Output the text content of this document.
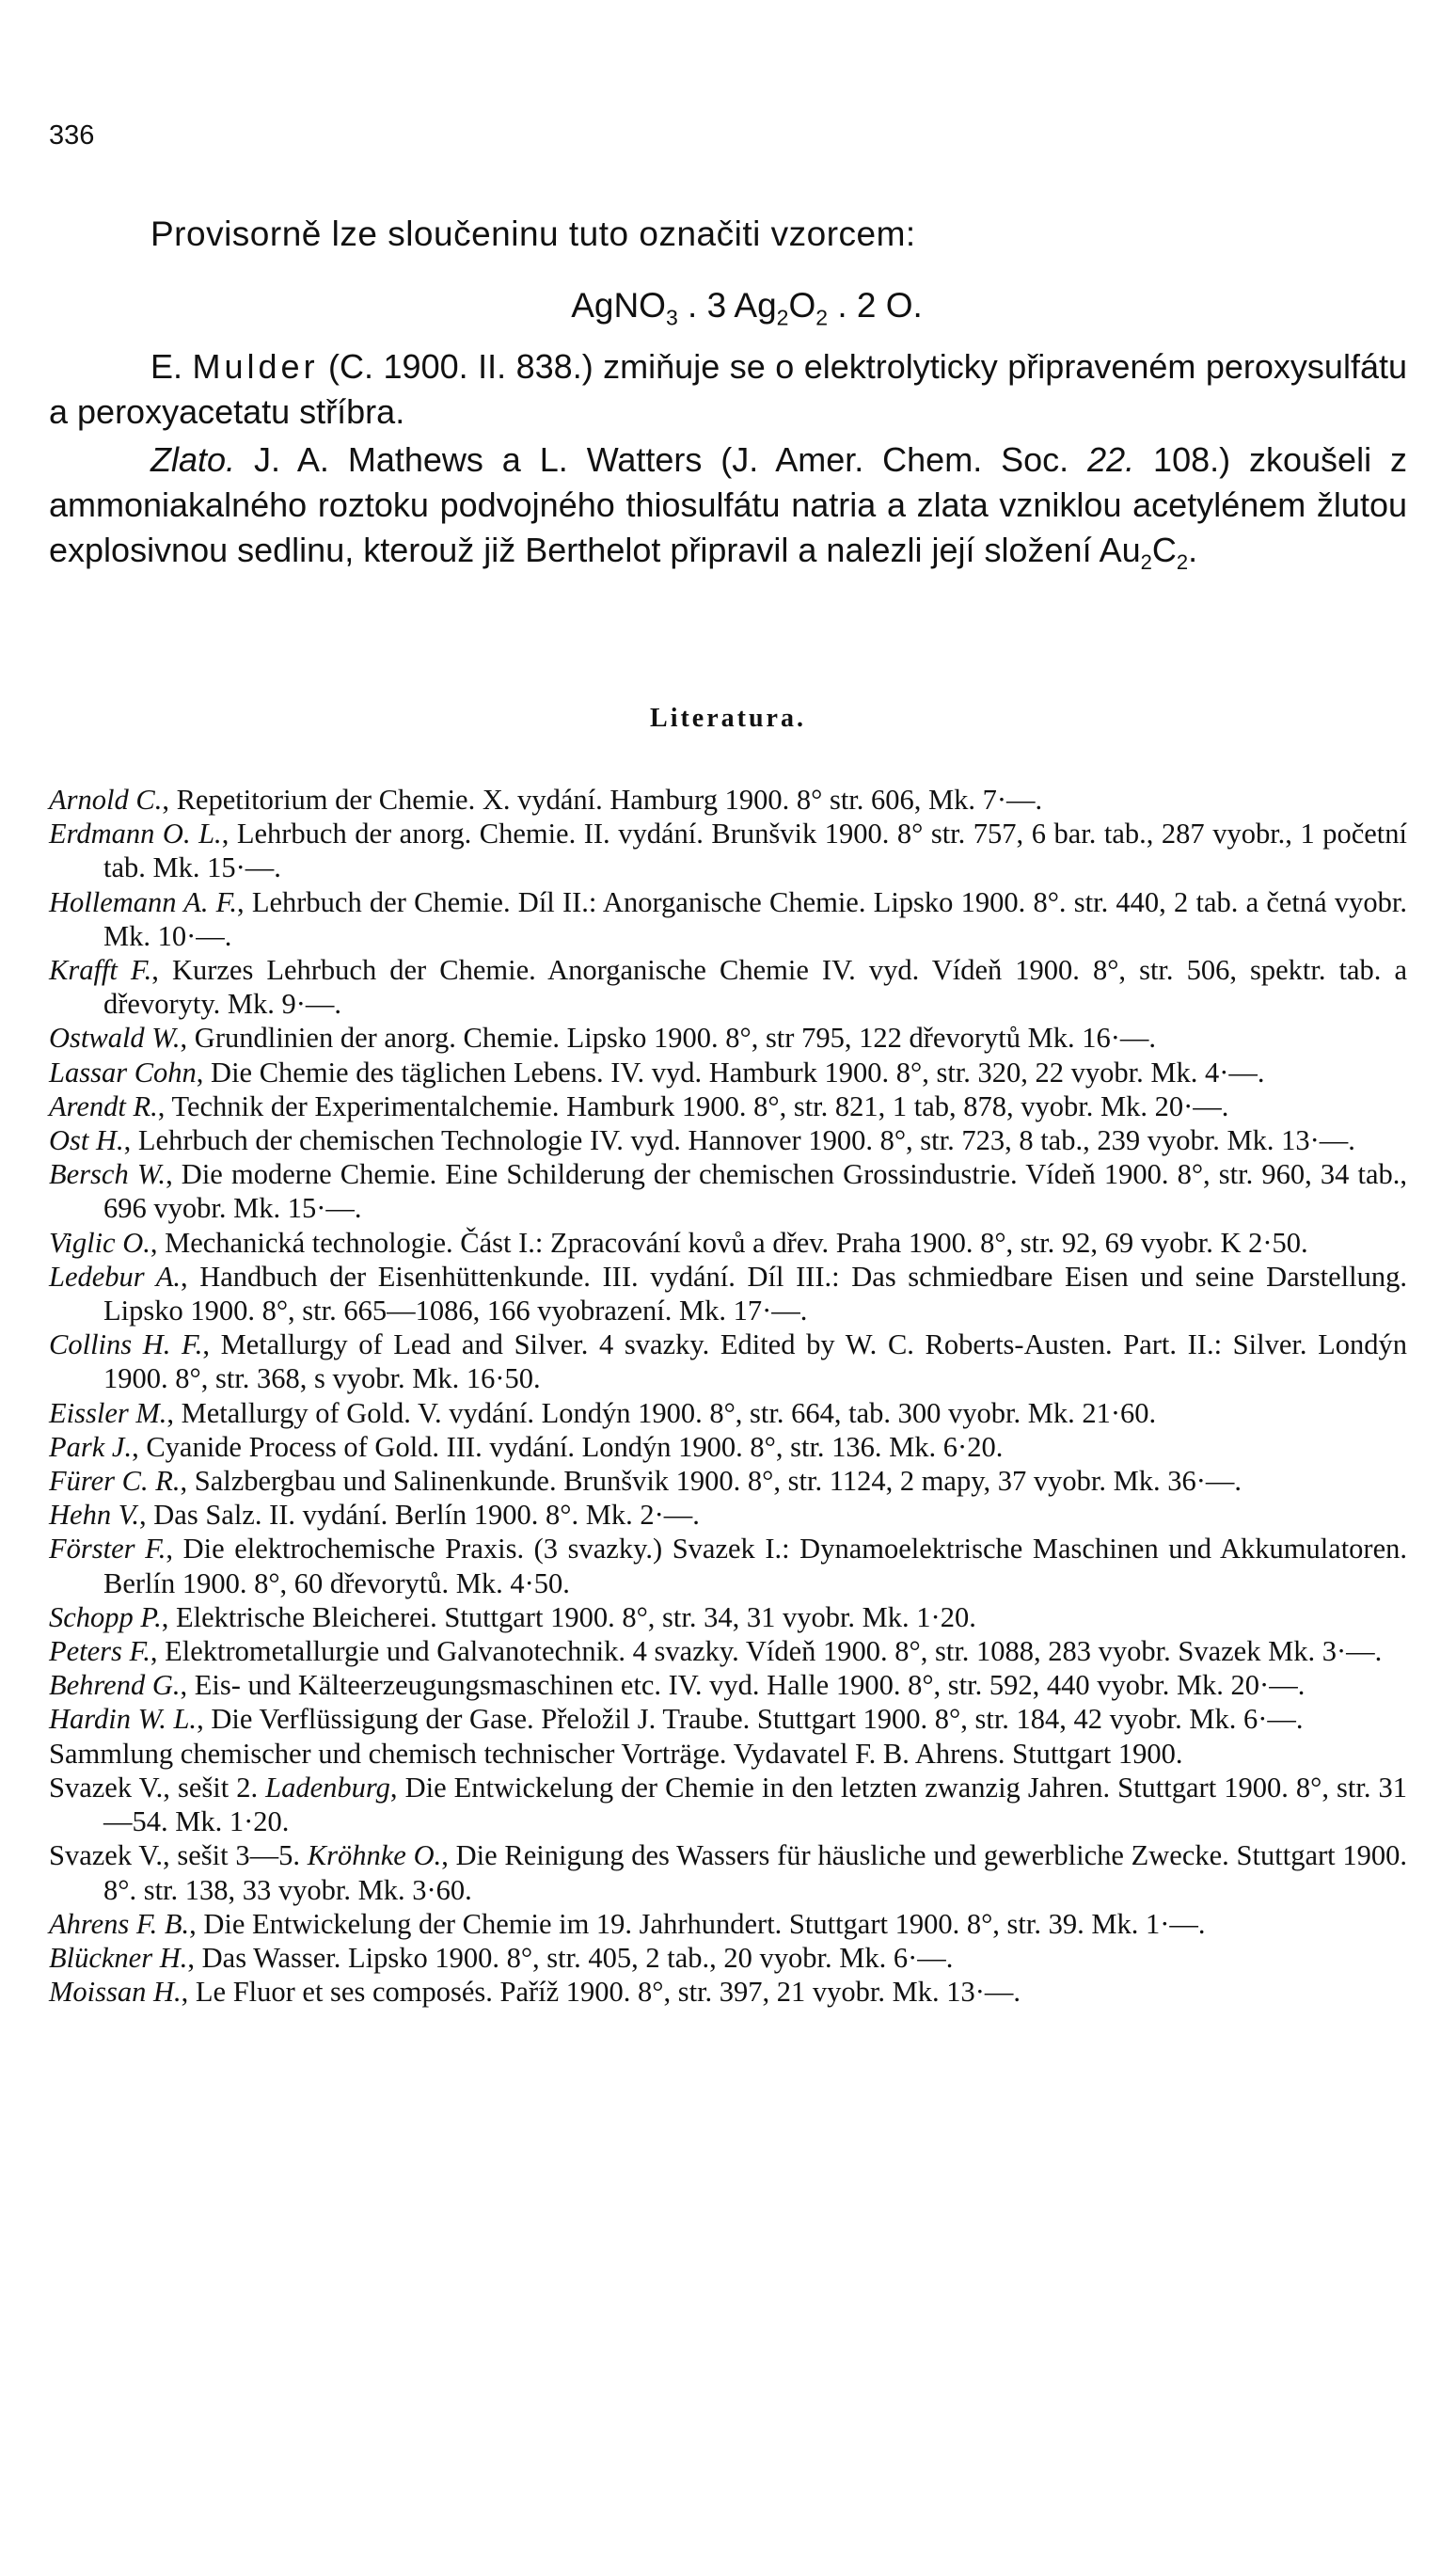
336
Provisorně lze sloučeninu tuto označiti vzorcem:
AgNO$_3$ . 3 $Ag_2O_2$ . 2 O.

E. Mulder (C. 1900. II. 838.) zmiňuje se o elektrolyticky připraveném peroxysulfátu a peroxyacetatu stříbra.

Zlato. J. A. Mathews a L. Watters (J. Amer. Chem. Soc. 22. 108.) zkoušeli z ammoniakalného roztoku podvojného thiosulfátu natria a zlata vzniklou acetylénem žlutou explosivnou sedlinu, kterouž již Berthelot připravil a nalezli její složení $Au_2C_2$.

Literatura.

Arnold C., Repetitorium der Chemie. X. vydání. Hamburg 1900. 8° str. 606, Mk. 7·—.

Erdmann O. L., Lehrbuch der anorg. Chemie. II. vydání. Brunšvik 1900. 8° str. 757, 6 bar. tab., 287 vyobr., 1 početní tab. Mk. 15·—.

Hollemann A. F., Lehrbuch der Chemie. Díl II.: Anorganische Chemie. Lipsko 1900. 8°. str. 440, 2 tab. a četná vyobr. Mk. 10·—.

Krafft F., Kurzes Lehrbuch der Chemie. Anorganische Chemie IV. vyd. Vídeň 1900. 8°, str. 506, spektr. tab. a dřevoryty. Mk. 9·—.

Ostwald W., Grundlinien der anorg. Chemie. Lipsko 1900. 8°, str 795, 122 dřevorytů Mk. 16·—.

Lassar Cohn, Die Chemie des täglichen Lebens. IV. vyd. Hamburk 1900. 8°, str. 320, 22 vyobr. Mk. 4·—.

Arendt R., Technik der Experimentalchemie. Hamburk 1900. 8°, str. 821, 1 tab, 878, vyobr. Mk. 20·—.

Ost H., Lehrbuch der chemischen Technologie IV. vyd. Hannover 1900. 8°, str. 723, 8 tab., 239 vyobr. Mk. 13·—.

Bersch W., Die moderne Chemie. Eine Schilderung der chemischen Grossindustrie. Vídeň 1900. 8°, str. 960, 34 tab., 696 vyobr. Mk. 15·—.

Viglic O., Mechanická technologie. Část I.: Zpracování kovů a dřev. Praha 1900. 8°, str. 92, 69 vyobr. K 2·50.

Ledebur A., Handbuch der Eisenhüttenkunde. III. vydání. Díl III.: Das schmiedbare Eisen und seine Darstellung. Lipsko 1900. 8°, str. 665—1086, 166 vyobrazení. Mk. 17·—.

Collins H. F., Metallurgy of Lead and Silver. 4 svazky. Edited by W. C. Roberts-Austen. Part. II.: Silver. Londýn 1900. 8°, str. 368, s vyobr. Mk. 16·50.

Eissler M., Metallurgy of Gold. V. vydání. Londýn 1900. 8°, str. 664, tab. 300 vyobr. Mk. 21·60.

Park J., Cyanide Process of Gold. III. vydání. Londýn 1900. 8°, str. 136. Mk. 6·20.

Fürer C. R., Salzbergbau und Salinenkunde. Brunšvik 1900. 8°, str. 1124, 2 mapy, 37 vyobr. Mk. 36·—.

Hehn V., Das Salz. II. vydání. Berlín 1900. 8°. Mk. 2·—.

Förster F., Die elektrochemische Praxis. (3 svazky.) Svazek I.: Dynamoelektrische Maschinen und Akkumulatoren. Berlín 1900. 8°, 60 dřevorytů. Mk. 4·50.

Schopp P., Elektrische Bleicherei. Stuttgart 1900. 8°, str. 34, 31 vyobr. Mk. 1·20.

Peters F., Elektrometallurgie und Galvanotechnik. 4 svazky. Vídeň 1900. 8°, str. 1088, 283 vyobr. Svazek Mk. 3·—.

Behrend G., Eis- und Kälteerzeugungsmaschinen etc. IV. vyd. Halle 1900. 8°, str. 592, 440 vyobr. Mk. 20·—.

Hardin W. L., Die Verflüssigung der Gase. Přeložil J. Traube. Stuttgart 1900. 8°, str. 184, 42 vyobr. Mk. 6·—.

Sammlung chemischer und chemisch technischer Vorträge. Vydavatel F. B. Ahrens. Stuttgart 1900.

Svazek V., sešit 2. Ladenburg, Die Entwickelung der Chemie in den letzten zwanzig Jahren. Stuttgart 1900. 8°, str. 31—54. Mk. 1·20.

Svazek V., sešit 3—5. Kröhnke O., Die Reinigung des Wassers für häusliche und gewerbliche Zwecke. Stuttgart 1900. 8°. str. 138, 33 vyobr. Mk. 3·60.

Ahrens F. B., Die Entwickelung der Chemie im 19. Jahrhundert. Stuttgart 1900. 8°, str. 39. Mk. 1·—.

Blückner H., Das Wasser. Lipsko 1900. 8°, str. 405, 2 tab., 20 vyobr. Mk. 6·—.

Moissan H., Le Fluor et ses composés. Paříž 1900. 8°, str. 397, 21 vyobr. Mk. 13·—.
